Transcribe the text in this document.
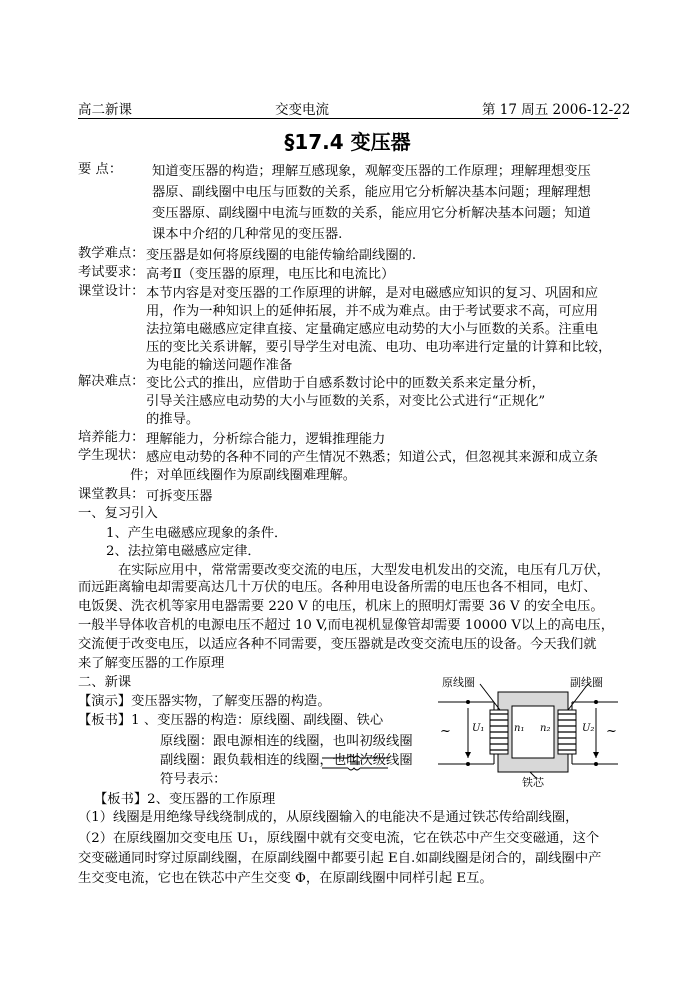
高二新课	交变电流	第 17 周五 2006-12-22
§17.4 变压器
要 点： 知道变压器的构造；理解互感现象，观解变压器的工作原理；理解理想变压
器原、副线圈中电压与匝数的关系，能应用它分析解决基本问题；理解理想
变压器原、副线圈中电流与匝数的关系，能应用它分析解决基本问题；知道
课本中介绍的几种常见的变压器.
教学难点： 变压器是如何将原线圈的电能传输给副线圈的.
考试要求： 高考Ⅱ（变压器的原理，电压比和电流比）
课堂设计： 本节内容是对变压器的工作原理的讲解，是对电磁感应知识的复习、巩固和应
用，作为一种知识上的延伸拓展，并不成为难点。由于考试要求不高，可应用
法拉第电磁感应定律直接、定量确定感应电动势的大小与匝数的关系。注重电
压的变比关系讲解，要引导学生对电流、电功、电功率进行定量的计算和比较，
为电能的输送问题作准备
解决难点： 变比公式的推出，应借助于自感系数讨论中的匝数关系来定量分析，
引导关注感应电动势的大小与匝数的关系，对变比公式进行“正规化”
的推导。
培养能力： 理解能力，分析综合能力，逻辑推理能力
学生现状： 感应电动势的各种不同的产生情况不熟悉；知道公式，但忽视其来源和成立条
件；对单匝线圈作为原副线圈难理解。
课堂教具： 可拆变压器
一、复习引入
1、产生电磁感应现象的条件．
2、法拉第电磁感应定律．
在实际应用中，常常需要改变交流的电压，大型发电机发出的交流，电压有几万伏，
而远距离输电却需要高达几十万伏的电压。各种用电设备所需的电压也各不相同，电灯、
电饭煲、洗衣机等家用电器需要 220 V 的电压，机床上的照明灯需要 36 V 的安全电压。
一般半导体收音机的电源电压不超过 10 V,而电视机显像管却需要 10000 V以上的高电压，
交流便于改变电压，以适应各种不同需要，变压器就是改变交流电压的设备。今天我们就
来了解变压器的工作原理
二、新课
【演示】变压器实物，了解变压器的构造。
【板书】1 、变压器的构造：原线圈、副线圈、铁心
原线圈：跟电源相连的线圈，也叫初级线圈
副线圈：跟负载相连的线圈，也叫次级线圈
符号表示：
【板书】2、变压器的工作原理
（1）线圈是用绝缘导线绕制成的，从原线圈输入的电能决不是通过铁芯传给副线圈，
（2）在原线圈加交变电压 U₁，原线圈中就有交变电流，它在铁芯中产生交变磁通，这个
交变磁通同时穿过原副线圈，在原副线圈中都要引起 E自.如副线圈是闭合的，副线圈中产
生交变电流，它也在铁芯中产生交变 Φ，在原副线圈中同样引起 E互。
原线圈	副线圈
铁芯
U₁	U₂
n₁ n₂
~	~
